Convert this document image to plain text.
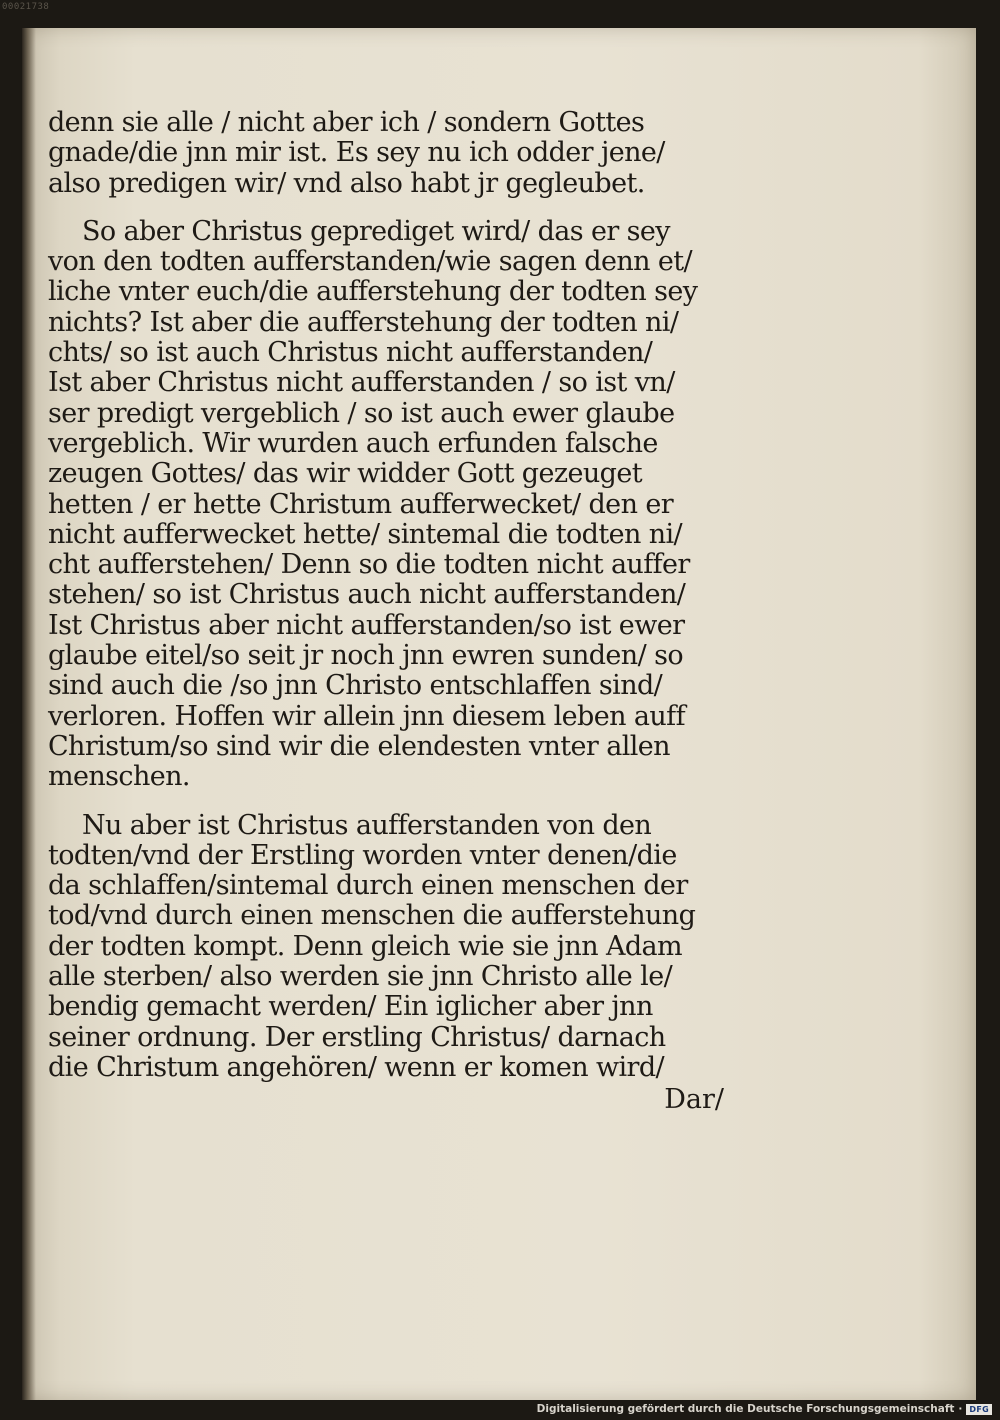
00021738

denn sie alle / nicht aber ich / sondern Gottes
gnade/die jnn mir ist. Es sey nu ich odder jene/
also predigen wir/ vnd also habt jr gegleubet.

So aber Christus geprediget wird/ das er sey
von den todten aufferstanden/wie sagen denn et/
liche vnter euch/die aufferstehung der todten sey
nichts? Ist aber die aufferstehung der todten ni/
chts/ so ist auch Christus nicht aufferstanden/
Ist aber Christus nicht aufferstanden / so ist vn/
ser predigt vergeblich / so ist auch ewer glaube
vergeblich. Wir wurden auch erfunden falsche
zeugen Gottes/ das wir widder Gott gezeuget
hetten / er hette Christum aufferwecket/ den er
nicht aufferwecket hette/ sintemal die todten ni/
cht aufferstehen/ Denn so die todten nicht auffer
stehen/ so ist Christus auch nicht aufferstanden/
Ist Christus aber nicht aufferstanden/so ist ewer
glaube eitel/so seit jr noch jnn ewren sunden/ so
sind auch die /so jnn Christo entschlaffen sind/
verloren. Hoffen wir allein jnn diesem leben auff
Christum/so sind wir die elendesten vnter allen
menschen.

Nu aber ist Christus aufferstanden von den
todten/vnd der Erstling worden vnter denen/die
da schlaffen/sintemal durch einen menschen der
tod/vnd durch einen menschen die aufferstehung
der todten kompt. Denn gleich wie sie jnn Adam
alle sterben/ also werden sie jnn Christo alle le/
bendig gemacht werden/ Ein iglicher aber jnn
seiner ordnung. Der erstling Christus/ darnach
die Christum angehören/ wenn er komen wird/
Dar/

Digitalisierung gefördert durch die Deutsche Forschungsgemeinschaft · DFG
